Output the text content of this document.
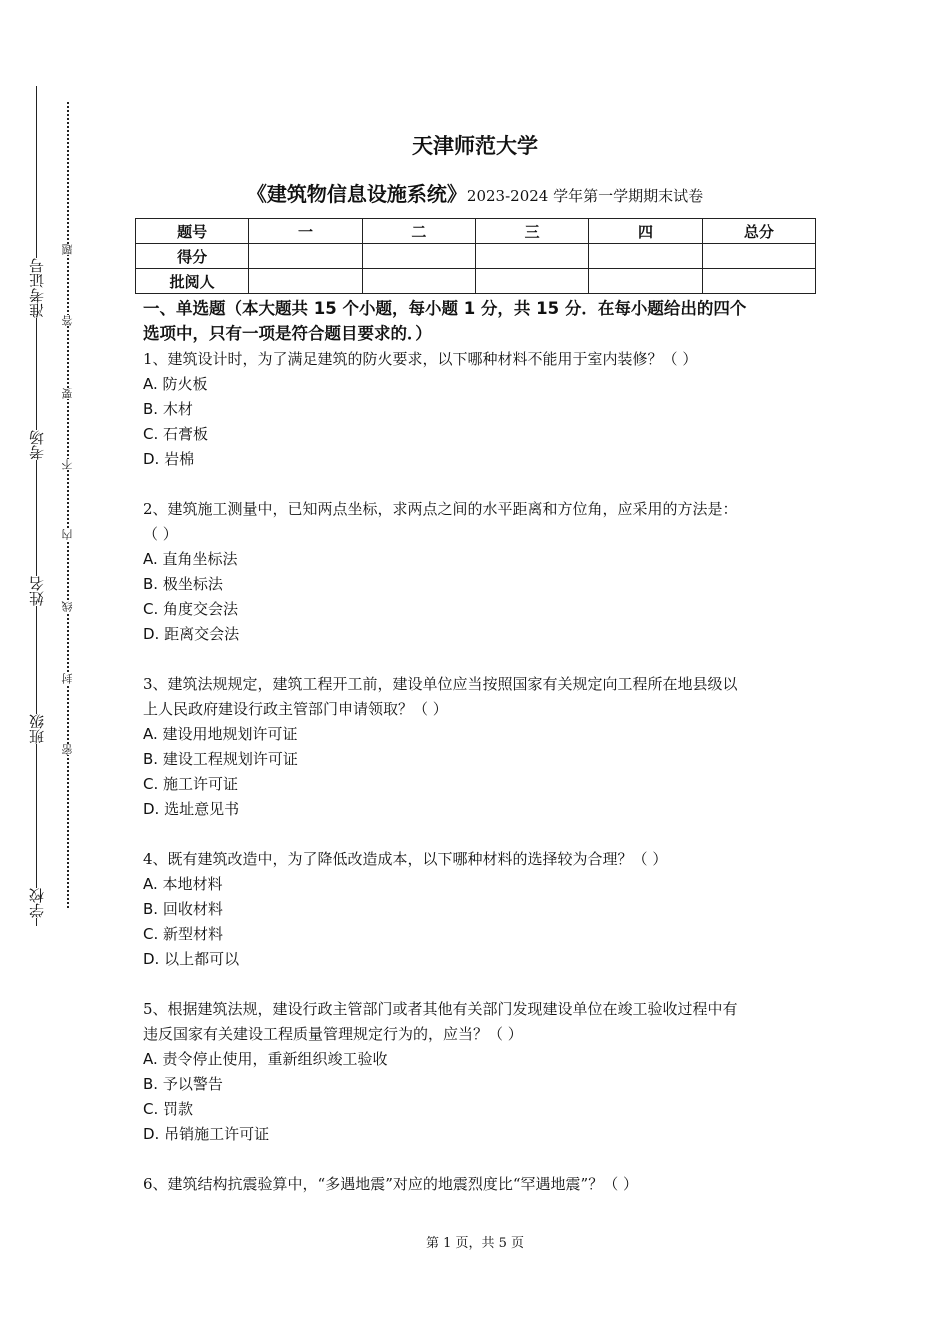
准考证号
考场
姓名
班级
学校
题
答
要
不
内
线
封
密
天津师范大学
《建筑物信息设施系统》2023-2024 学年第一学期期末试卷
题号	一	二	三	四	总分
得分					
批阅人					
一、单选题（本大题共 15 个小题，每小题 1 分，共 15 分．在每小题给出的四个
选项中，只有一项是符合题目要求的．）
1、建筑设计时，为了满足建筑的防火要求，以下哪种材料不能用于室内装修？（ ）
A. 防火板
B. 木材
C. 石膏板
D. 岩棉
2、建筑施工测量中，已知两点坐标，求两点之间的水平距离和方位角，应采用的方法是：
（ ）
A. 直角坐标法
B. 极坐标法
C. 角度交会法
D. 距离交会法
3、建筑法规规定，建筑工程开工前，建设单位应当按照国家有关规定向工程所在地县级以
上人民政府建设行政主管部门申请领取？（ ）
A. 建设用地规划许可证
B. 建设工程规划许可证
C. 施工许可证
D. 选址意见书
4、既有建筑改造中，为了降低改造成本，以下哪种材料的选择较为合理？（ ）
A. 本地材料
B. 回收材料
C. 新型材料
D. 以上都可以
5、根据建筑法规，建设行政主管部门或者其他有关部门发现建设单位在竣工验收过程中有
违反国家有关建设工程质量管理规定行为的，应当？（ ）
A. 责令停止使用，重新组织竣工验收
B. 予以警告
C. 罚款
D. 吊销施工许可证
6、建筑结构抗震验算中，“多遇地震”对应的地震烈度比“罕遇地震”？（ ）
第 1 页，共 5 页
